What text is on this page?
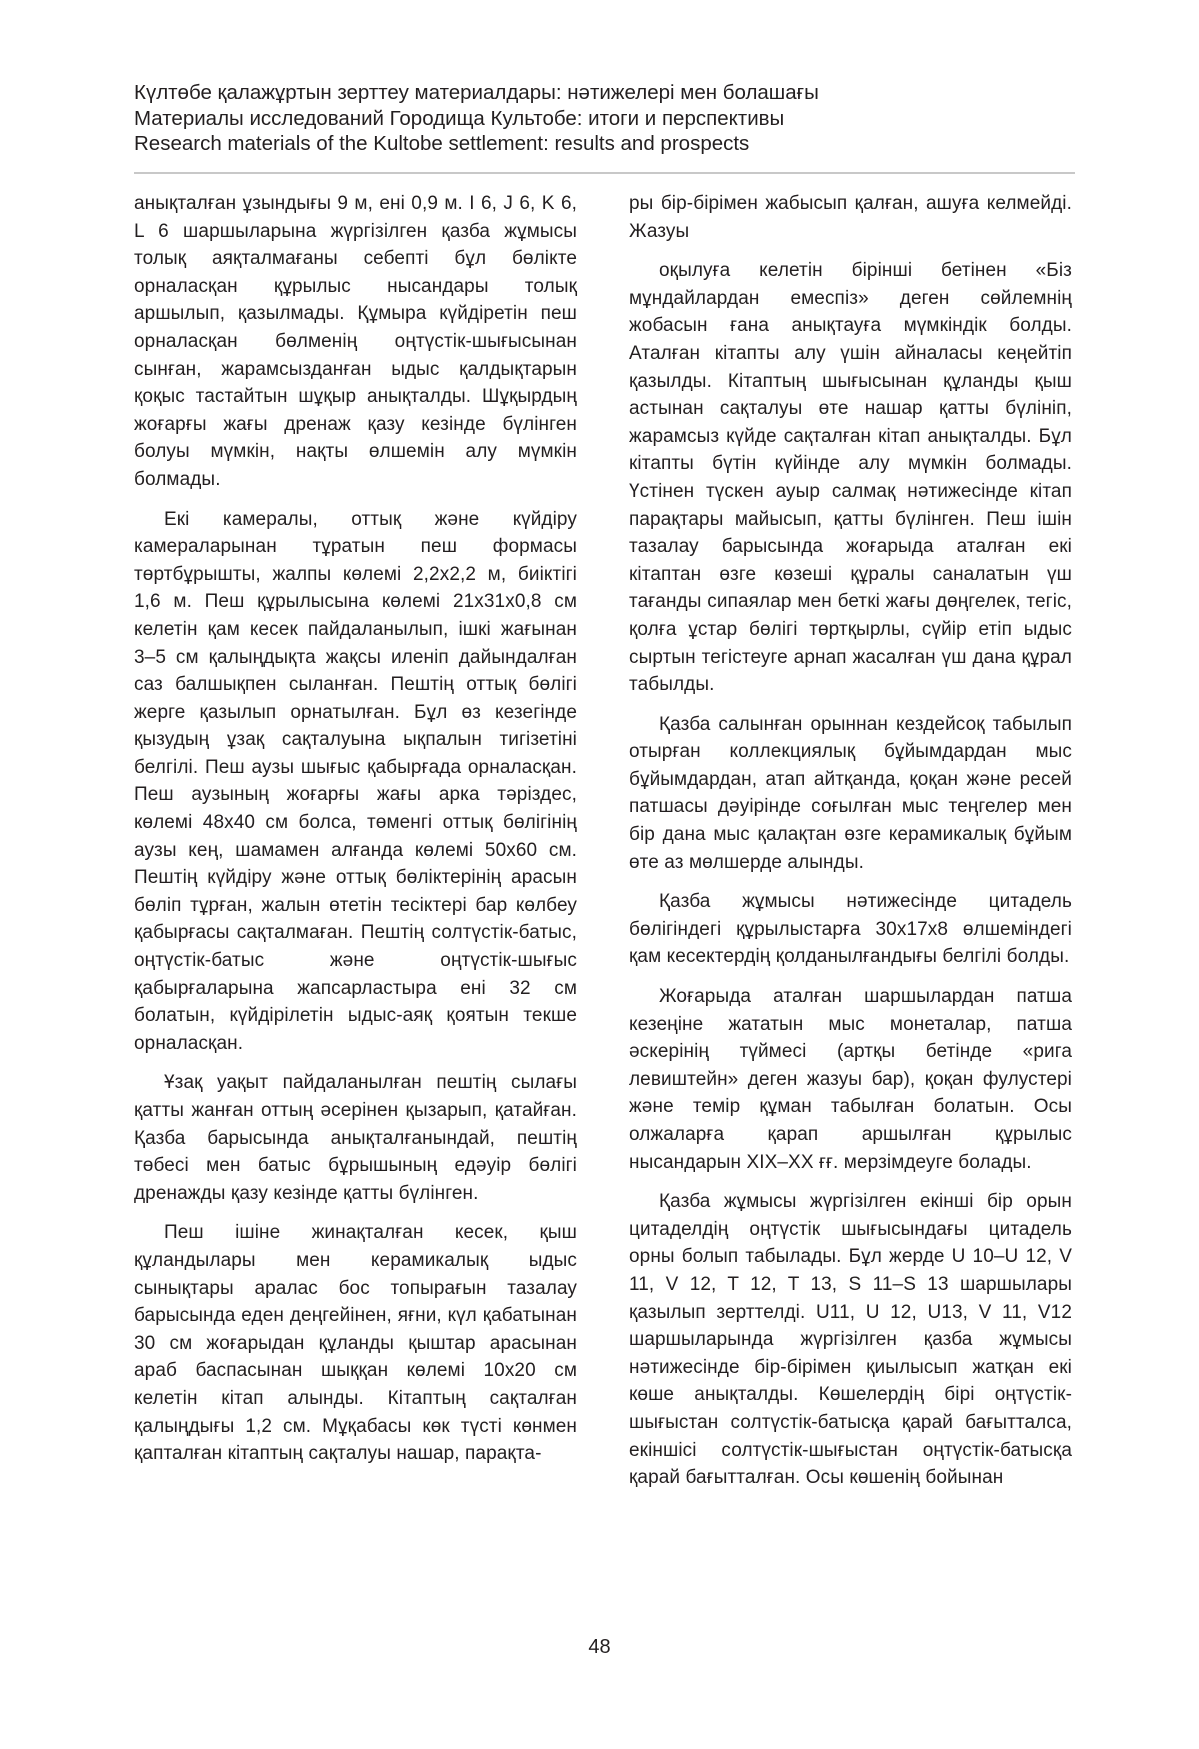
Күлтөбе қалажұртын зерттеу материалдары: нәтижелері мен болашағы
Материалы исследований Городища Культобе: итоги и перспективы
Research materials of the Kultobe settlement: results and prospects

анықталған ұзындығы 9 м, ені 0,9 м. I 6, J 6, K 6, L 6 шаршыларына жүргізілген қазба жұмысы толық аяқталмағаны себепті бұл бөлікте орналасқан құрылыс нысандары толық аршылып, қазылмады. Құмыра күйдіретін пеш орналасқан бөлменің оңтүстік-шығысынан сынған, жарамсызданған ыдыс қалдықтарын қоқыс тастайтын шұқыр анықталды. Шұқырдың жоғарғы жағы дренаж қазу кезінде бүлінген болуы мүмкін, нақты өлшемін алу мүмкін болмады.

Екі камералы, оттық және күйдіру камераларынан тұратын пеш формасы төртбұрышты, жалпы көлемі 2,2х2,2 м, биіктігі 1,6 м. Пеш құрылысына көлемі 21х31х0,8 см келетін қам кесек пайдаланылып, ішкі жағынан 3–5 см қалыңдықта жақсы иленіп дайындалған саз балшықпен сыланған. Пештің оттық бөлігі жерге қазылып орнатылған. Бұл өз кезегінде қызудың ұзақ сақталуына ықпалын тигізетіні белгілі. Пеш аузы шығыс қабырғада орналасқан. Пеш аузының жоғарғы жағы арка тәріздес, көлемі 48х40 см болса, төменгі оттық бөлігінің аузы кең, шамамен алғанда көлемі 50х60 см. Пештің күйдіру және оттық бөліктерінің арасын бөліп тұрған, жалын өтетін тесіктері бар көлбеу қабырғасы сақталмаған. Пештің солтүстік-батыс, оңтүстік-батыс және оңтүстік-шығыс қабырғаларына жапсарластыра ені 32 см болатын, күйдірілетін ыдыс-аяқ қоятын текше орналасқан.

Ұзақ уақыт пайдаланылған пештің сылағы қатты жанған оттың әсерінен қызарып, қатайған. Қазба барысында анықталғанындай, пештің төбесі мен батыс бұрышының едәуір бөлігі дренажды қазу кезінде қатты бүлінген.

Пеш ішіне жинақталған кесек, қыш құландылары мен керамикалық ыдыс сынықтары аралас бос топырағын тазалау барысында еден деңгейінен, яғни, күл қабатынан 30 см жоғарыдан құланды қыштар арасынан араб баспасынан шыққан көлемі 10х20 см келетін кітап алынды. Кітаптың сақталған қалыңдығы 1,2 см. Мұқабасы көк түсті көнмен қапталған кітаптың сақталуы нашар, парақта-

ры бір-бірімен жабысып қалған, ашуға келмейді. Жазуы

оқылуға келетін бірінші бетінен «Біз мұндайлардан емеспіз» деген сөйлемнің жобасын ғана анықтауға мүмкіндік болды. Аталған кітапты алу үшін айналасы кеңейтіп қазылды. Кітаптың шығысынан құланды қыш астынан сақталуы өте нашар қатты бүлініп, жарамсыз күйде сақталған кітап анықталды. Бұл кітапты бүтін күйінде алу мүмкін болмады. Үстінен түскен ауыр салмақ нәтижесінде кітап парақтары майысып, қатты бүлінген. Пеш ішін тазалау барысында жоғарыда аталған екі кітаптан өзге көзеші құралы саналатын үш тағанды сипаялар мен беткі жағы дөңгелек, тегіс, қолға ұстар бөлігі төртқырлы, сүйір етіп ыдыс сыртын тегістеуге арнап жасалған үш дана құрал табылды.

Қазба салынған орыннан кездейсоқ табылып отырған коллекциялық бұйымдардан мыс бұйымдардан, атап айтқанда, қоқан және ресей патшасы дәуірінде соғылған мыс теңгелер мен бір дана мыс қалақтан өзге керамикалық бұйым өте аз мөлшерде алынды.

Қазба жұмысы нәтижесінде цитадель бөлігіндегі құрылыстарға 30х17х8 өлшеміндегі қам кесектердің қолданылғандығы белгілі болды.

Жоғарыда аталған шаршылардан патша кезеңіне жататын мыс монеталар, патша әскерінің түймесі (артқы бетінде «рига левиштейн» деген жазуы бар), қоқан фулустері және темір құман табылған болатын. Осы олжаларға қарап аршылған құрылыс нысандарын XIX–XX ғғ. мерзімдеуге болады.

Қазба жұмысы жүргізілген екінші бір орын цитаделдің оңтүстік шығысындағы цитадель орны болып табылады. Бұл жерде U 10–U 12, V 11, V 12, T 12, T 13, S 11–S 13 шаршылары қазылып зерттелді. U11, U 12, U13, V 11, V12 шаршыларында жүргізілген қазба жұмысы нәтижесінде бір-бірімен қиылысып жатқан екі көше анықталды. Көшелердің бірі оңтүстік-шығыстан солтүстік-батысқа қарай бағытталса, екіншісі солтүстік-шығыстан оңтүстік-батысқа қарай бағытталған. Осы көшенің бойынан

48
